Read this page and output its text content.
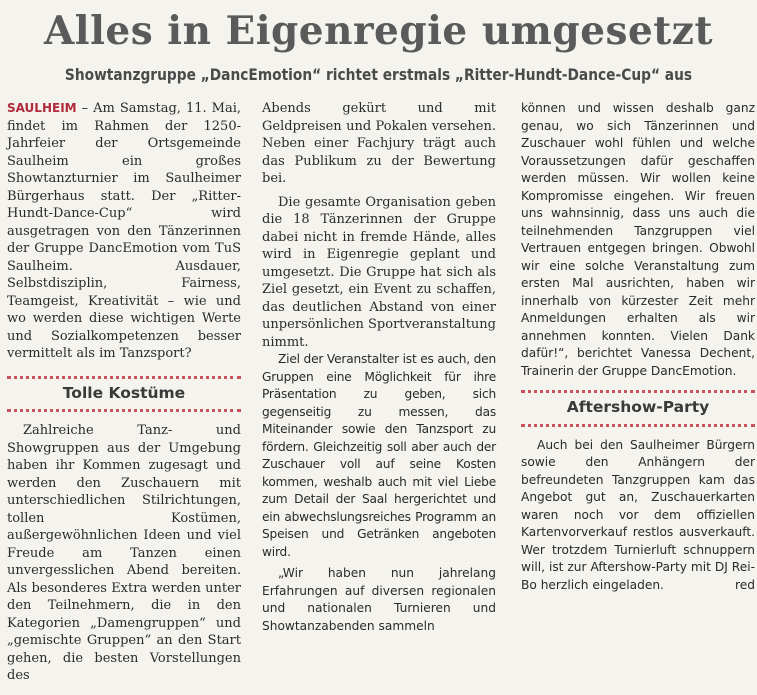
Alles in Eigenregie umgesetzt
Showtanzgruppe „DancEmotion“ richtet erstmals „Ritter-Hundt-Dance-Cup“ aus

SAULHEIM – Am Samstag, 11. Mai, findet im Rahmen der 1250-Jahrfeier der Ortsgemeinde Saulheim ein großes Showtanzturnier im Saulheimer Bürgerhaus statt. Der „Ritter-Hundt-Dance-Cup“ wird ausgetragen von den Tänzerinnen der Gruppe DancEmotion vom TuS Saulheim. Ausdauer, Selbstdisziplin, Fairness, Teamgeist, Kreativität – wie und wo werden diese wichtigen Werte und Sozialkompetenzen besser vermittelt als im Tanzsport?

Tolle Kostüme

Zahlreiche Tanz- und Showgruppen aus der Umgebung haben ihr Kommen zugesagt und werden den Zuschauern mit unterschiedlichen Stilrichtungen, tollen Kostümen, außergewöhnlichen Ideen und viel Freude am Tanzen einen unvergesslichen Abend bereiten. Als besonderes Extra werden unter den Teilnehmern, die in den Kategorien „Damengruppen“ und „gemischte Gruppen“ an den Start gehen, die besten Vorstellungen des

Abends gekürt und mit Geldpreisen und Pokalen versehen. Neben einer Fachjury trägt auch das Publikum zu der Bewertung bei.

Die gesamte Organisation geben die 18 Tänzerinnen der Gruppe dabei nicht in fremde Hände, alles wird in Eigenregie geplant und umgesetzt. Die Gruppe hat sich als Ziel gesetzt, ein Event zu schaffen, das deutlichen Abstand von einer unpersönlichen Sportveranstaltung nimmt.

Ziel der Veranstalter ist es auch, den Gruppen eine Möglichkeit für ihre Präsentation zu geben, sich gegenseitig zu messen, das Miteinander sowie den Tanzsport zu fördern. Gleichzeitig soll aber auch der Zuschauer voll auf seine Kosten kommen, weshalb auch mit viel Liebe zum Detail der Saal hergerichtet und ein abwechslungsreiches Programm an Speisen und Getränken angeboten wird.

„Wir haben nun jahrelang Erfahrungen auf diversen regionalen und nationalen Turnieren und Showtanzabenden sammeln

können und wissen deshalb ganz genau, wo sich Tänzerinnen und Zuschauer wohl fühlen und welche Voraussetzungen dafür geschaffen werden müssen. Wir wollen keine Kompromisse eingehen. Wir freuen uns wahnsinnig, dass uns auch die teilnehmenden Tanzgruppen viel Vertrauen entgegen bringen. Obwohl wir eine solche Veranstaltung zum ersten Mal ausrichten, haben wir innerhalb von kürzester Zeit mehr Anmeldungen erhalten als wir annehmen konnten. Vielen Dank dafür!“, berichtet Vanessa Dechent, Trainerin der Gruppe DancEmotion.

Aftershow-Party

Auch bei den Saulheimer Bürgern sowie den Anhängern der befreundeten Tanzgruppen kam das Angebot gut an, Zuschauerkarten waren noch vor dem offiziellen Kartenvorverkauf restlos ausverkauft. Wer trotzdem Turnierluft schnuppern will, ist zur Aftershow-Party mit DJ Rei-Bo herzlich eingeladen.	red
